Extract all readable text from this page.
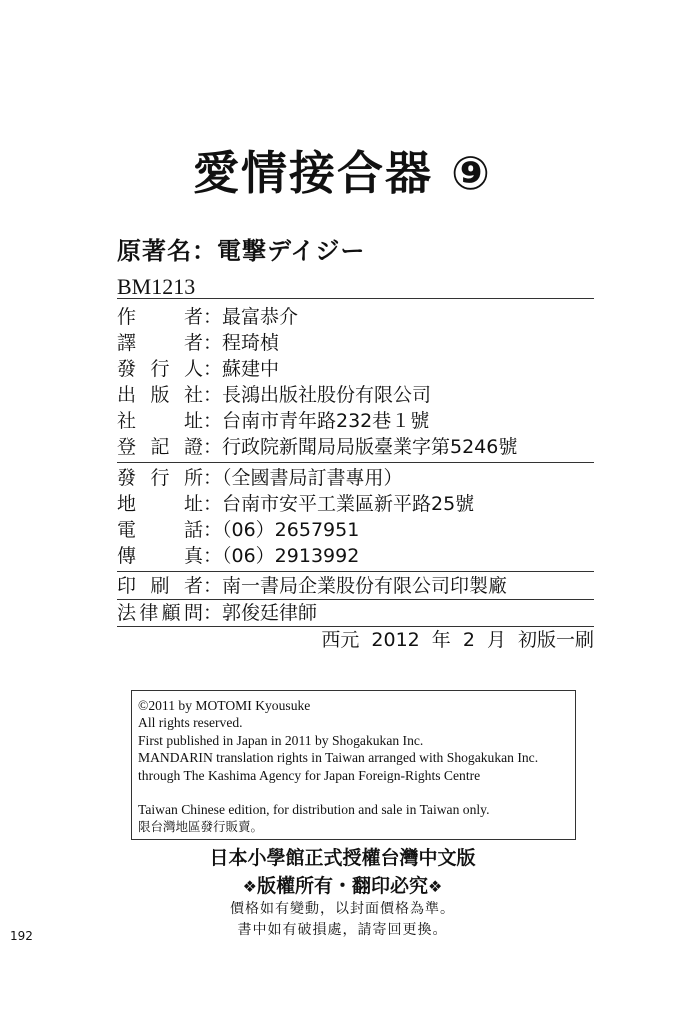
愛情接合器 ⑨
原著名：電撃デイジー
BM1213
作者：最富恭介
譯者：程琦楨
發行人：蘇建中
出版社：長鴻出版社股份有限公司
社址：台南市青年路232巷１號
登記證：行政院新聞局局版臺業字第5246號
發行所：（全國書局訂書專用）
地址：台南市安平工業區新平路25號
電話：（06）2657951
傳真：（06）2913992
印刷者：南一書局企業股份有限公司印製廠
法律顧問：郭俊廷律師
西元 2012 年 2 月 初版一刷
©2011 by MOTOMI Kyousuke
All rights reserved.
First published in Japan in 2011 by Shogakukan Inc.
MANDARIN translation rights in Taiwan arranged with Shogakukan Inc.
through The Kashima Agency for Japan Foreign-Rights Centre
Taiwan Chinese edition, for distribution and sale in Taiwan only.
限台灣地區發行販賣。
日本小學館正式授權台灣中文版
❖版權所有・翻印必究❖
價格如有變動，以封面價格為準。
書中如有破損處，請寄回更換。
192
